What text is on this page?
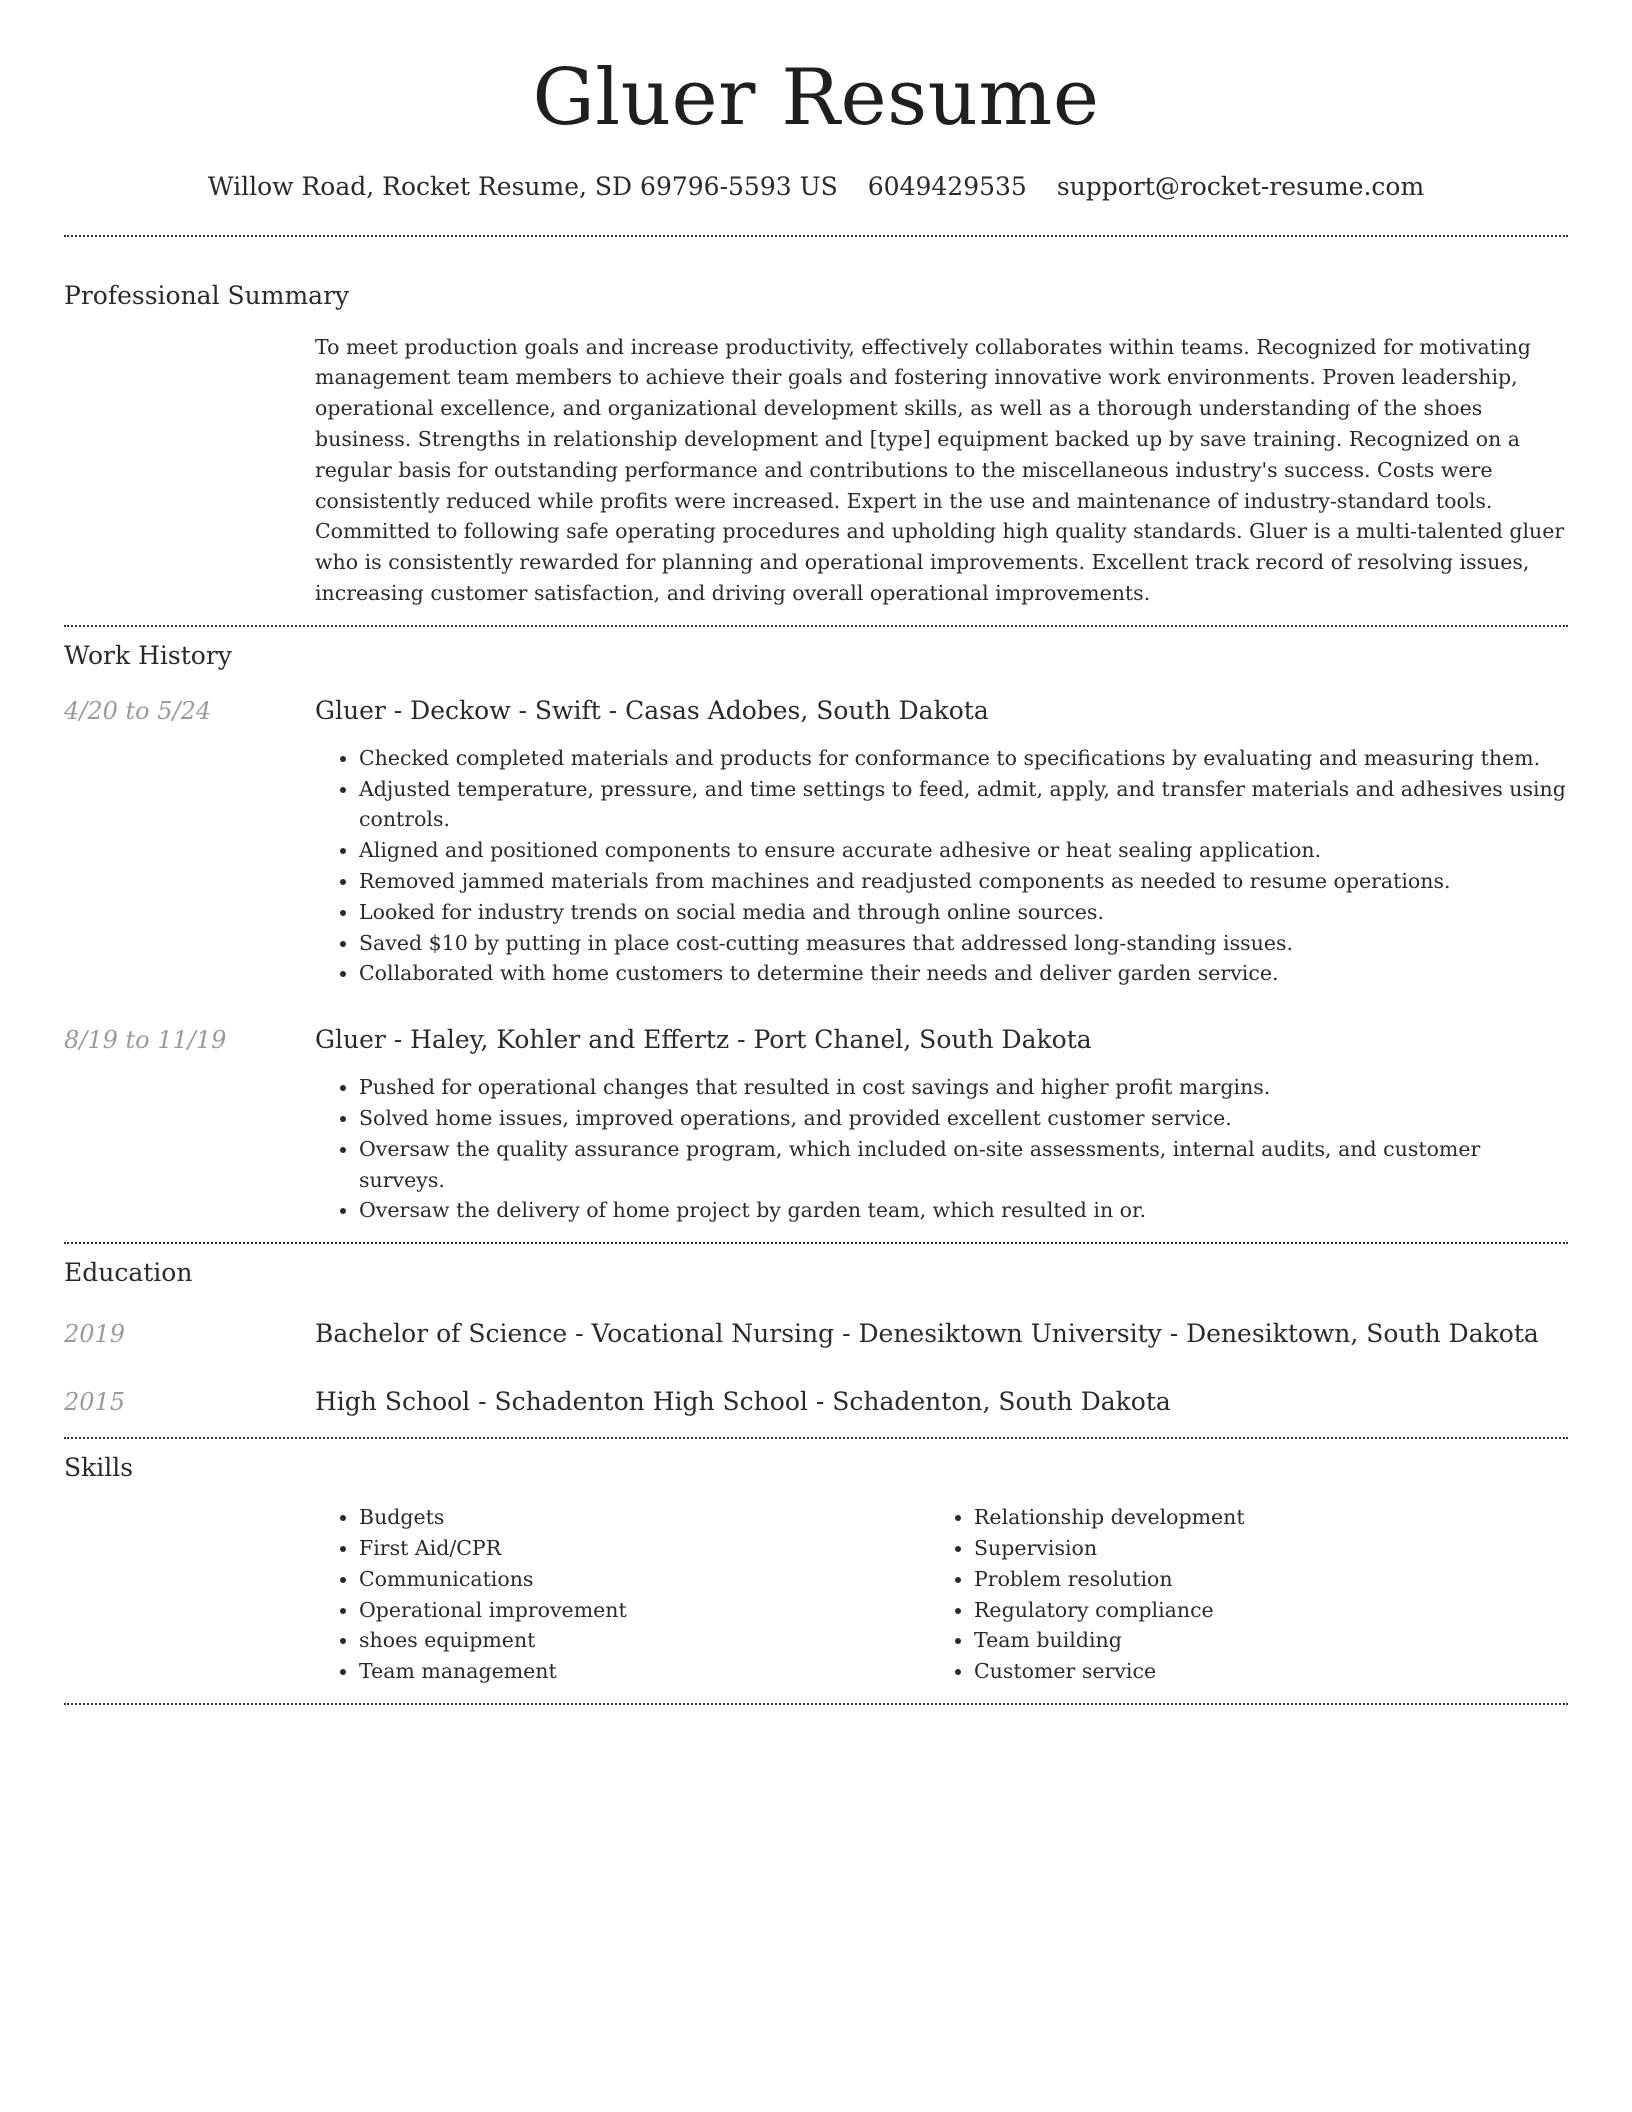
Gluer Resume
Willow Road, Rocket Resume, SD 69796-5593 US 6049429535 support@rocket-resume.com
Professional Summary

To meet production goals and increase productivity, effectively collaborates within teams. Recognized for motivating management team members to achieve their goals and fostering innovative work environments. Proven leadership, operational excellence, and organizational development skills, as well as a thorough understanding of the shoes business. Strengths in relationship development and [type] equipment backed up by save training. Recognized on a regular basis for outstanding performance and contributions to the miscellaneous industry's success. Costs were consistently reduced while profits were increased. Expert in the use and maintenance of industry-standard tools. Committed to following safe operating procedures and upholding high quality standards. Gluer is a multi-talented gluer who is consistently rewarded for planning and operational improvements. Excellent track record of resolving issues, increasing customer satisfaction, and driving overall operational improvements.

Work History
4/20 to 5/24	Gluer - Deckow - Swift - Casas Adobes, South Dakota
• Checked completed materials and products for conformance to specifications by evaluating and measuring them.
• Adjusted temperature, pressure, and time settings to feed, admit, apply, and transfer materials and adhesives using controls.
• Aligned and positioned components to ensure accurate adhesive or heat sealing application.
• Removed jammed materials from machines and readjusted components as needed to resume operations.
• Looked for industry trends on social media and through online sources.
• Saved $10 by putting in place cost-cutting measures that addressed long-standing issues.
• Collaborated with home customers to determine their needs and deliver garden service.
8/19 to 11/19	Gluer - Haley, Kohler and Effertz - Port Chanel, South Dakota
• Pushed for operational changes that resulted in cost savings and higher profit margins.
• Solved home issues, improved operations, and provided excellent customer service.
• Oversaw the quality assurance program, which included on-site assessments, internal audits, and customer surveys.
• Oversaw the delivery of home project by garden team, which resulted in or.
Education
2019	Bachelor of Science - Vocational Nursing - Denesiktown University - Denesiktown, South Dakota
2015	High School - Schadenton High School - Schadenton, South Dakota
Skills
• Budgets
• First Aid/CPR
• Communications
• Operational improvement
• shoes equipment
• Team management
• Relationship development
• Supervision
• Problem resolution
• Regulatory compliance
• Team building
• Customer service
